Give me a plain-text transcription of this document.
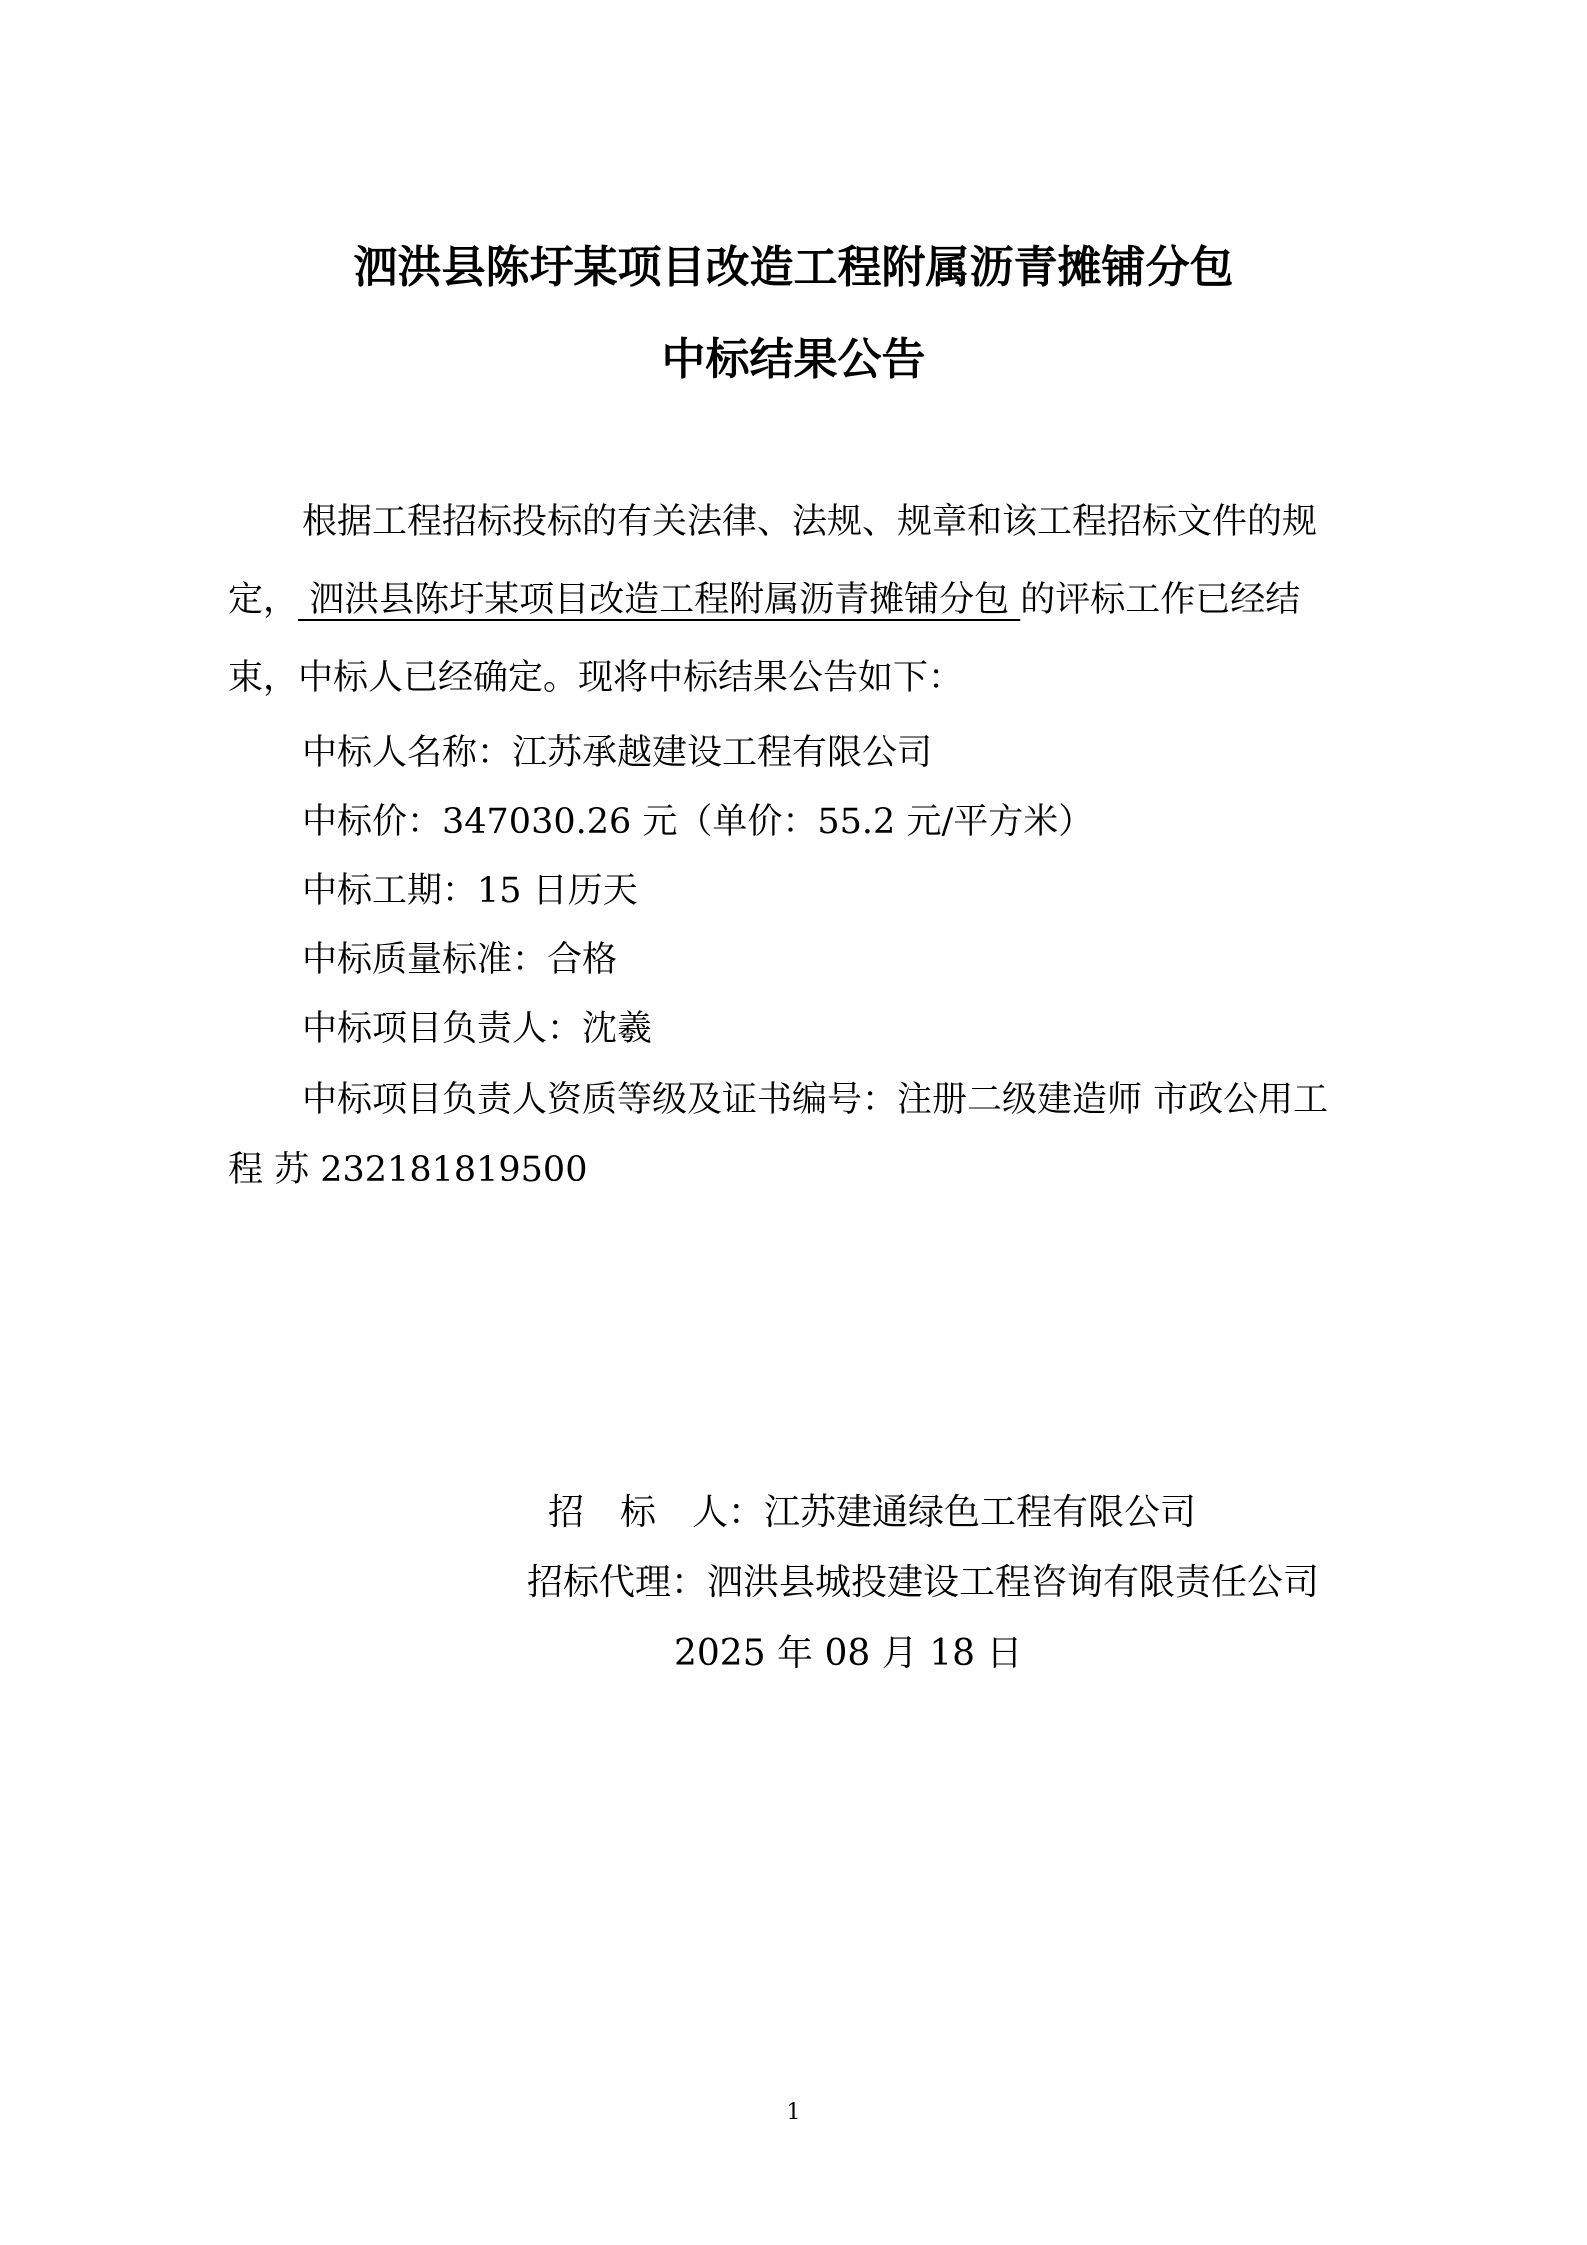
泗洪县陈圩某项目改造工程附属沥青摊铺分包
中标结果公告

根据工程招标投标的有关法律、法规、规章和该工程招标文件的规

定， 泗洪县陈圩某项目改造工程附属沥青摊铺分包 的评标工作已经结

束，中标人已经确定。现将中标结果公告如下：

中标人名称：江苏承越建设工程有限公司

中标价：347030.26 元（单价：55.2 元/平方米）

中标工期：15 日历天

中标质量标准：合格

中标项目负责人：沈羲

中标项目负责人资质等级及证书编号：注册二级建造师 市政公用工

程 苏 232181819500

招　标　人：江苏建通绿色工程有限公司
招标代理：泗洪县城投建设工程咨询有限责任公司
2025 年 08 月 18 日
1
